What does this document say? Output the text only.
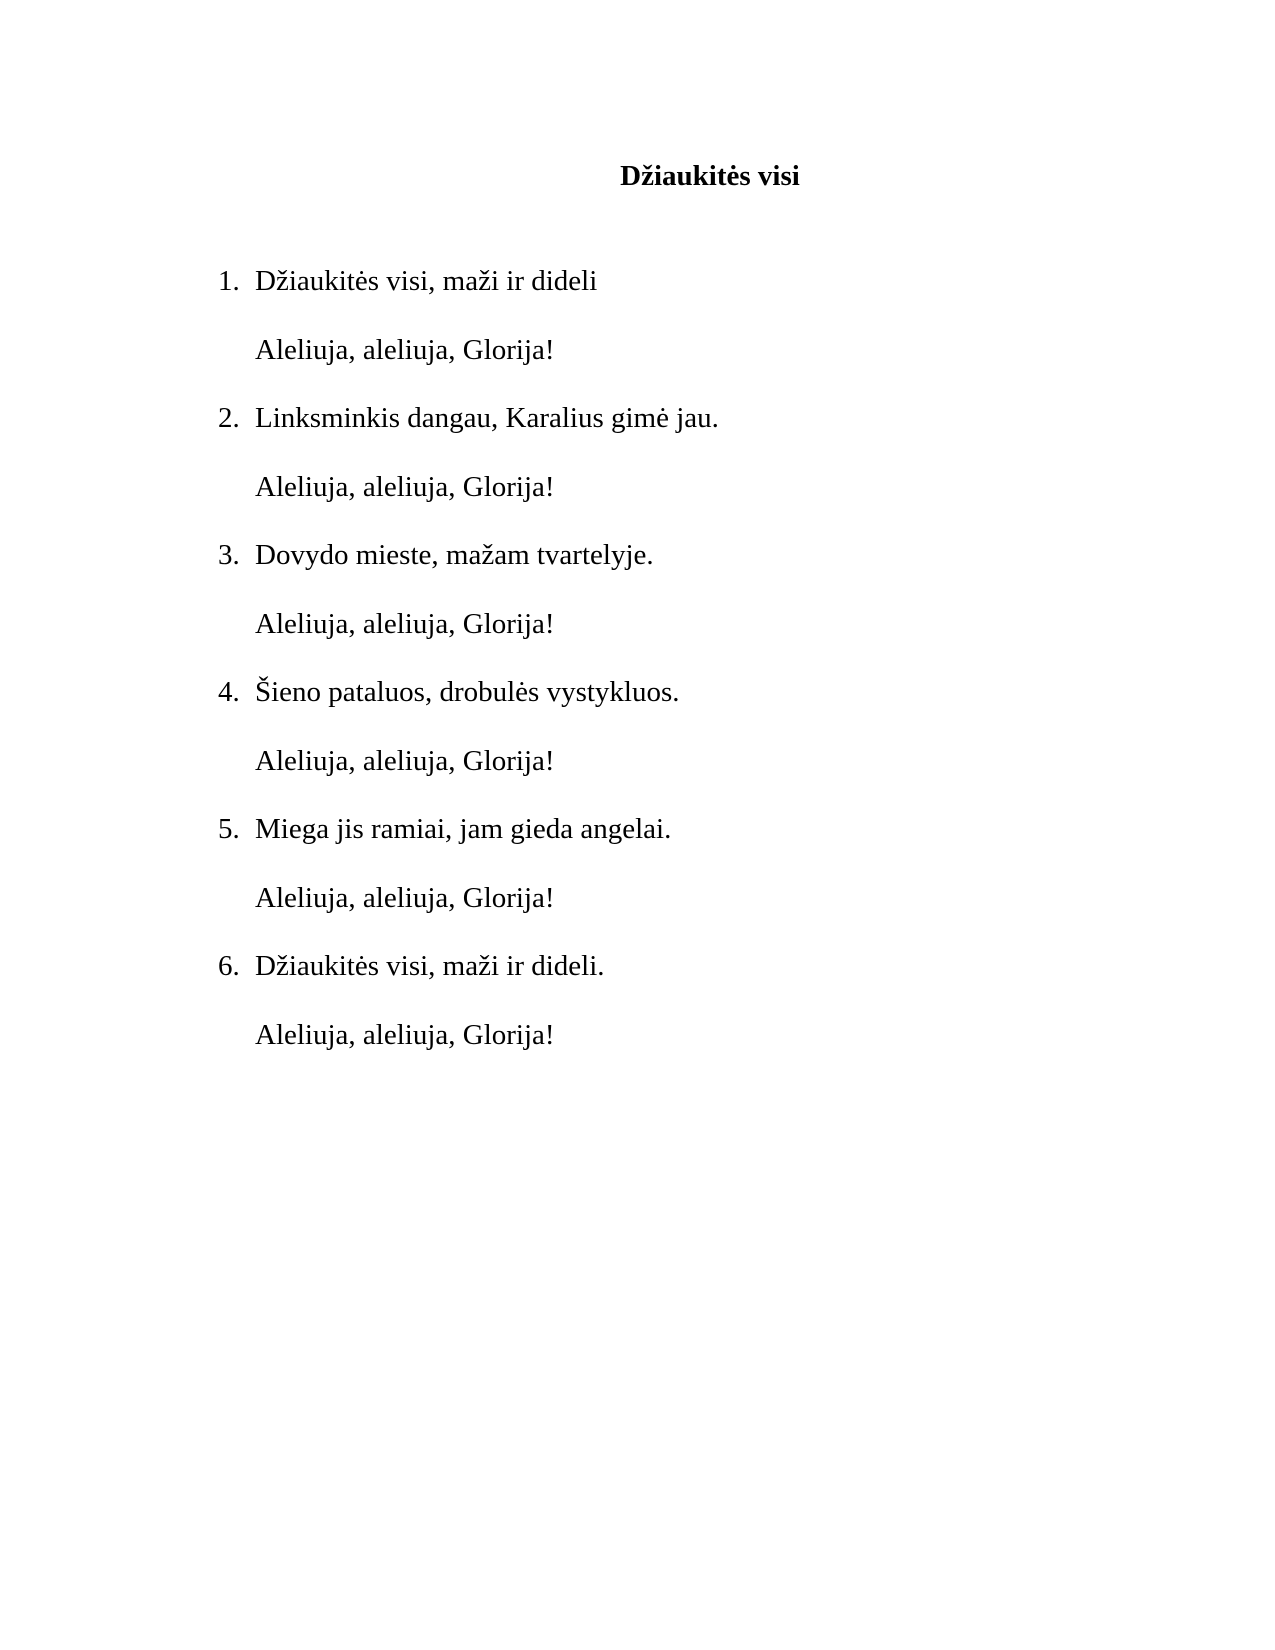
Džiaukitės visi
1. Džiaukitės visi, maži ir dideli
Aleliuja, aleliuja, Glorija!
2. Linksminkis dangau, Karalius gimė jau.
Aleliuja, aleliuja, Glorija!
3. Dovydo mieste, mažam tvartelyje.
Aleliuja, aleliuja, Glorija!
4. Šieno pataluos, drobulės vystykluos.
Aleliuja, aleliuja, Glorija!
5. Miega jis ramiai, jam gieda angelai.
Aleliuja, aleliuja, Glorija!
6. Džiaukitės visi, maži ir dideli.
Aleliuja, aleliuja, Glorija!
